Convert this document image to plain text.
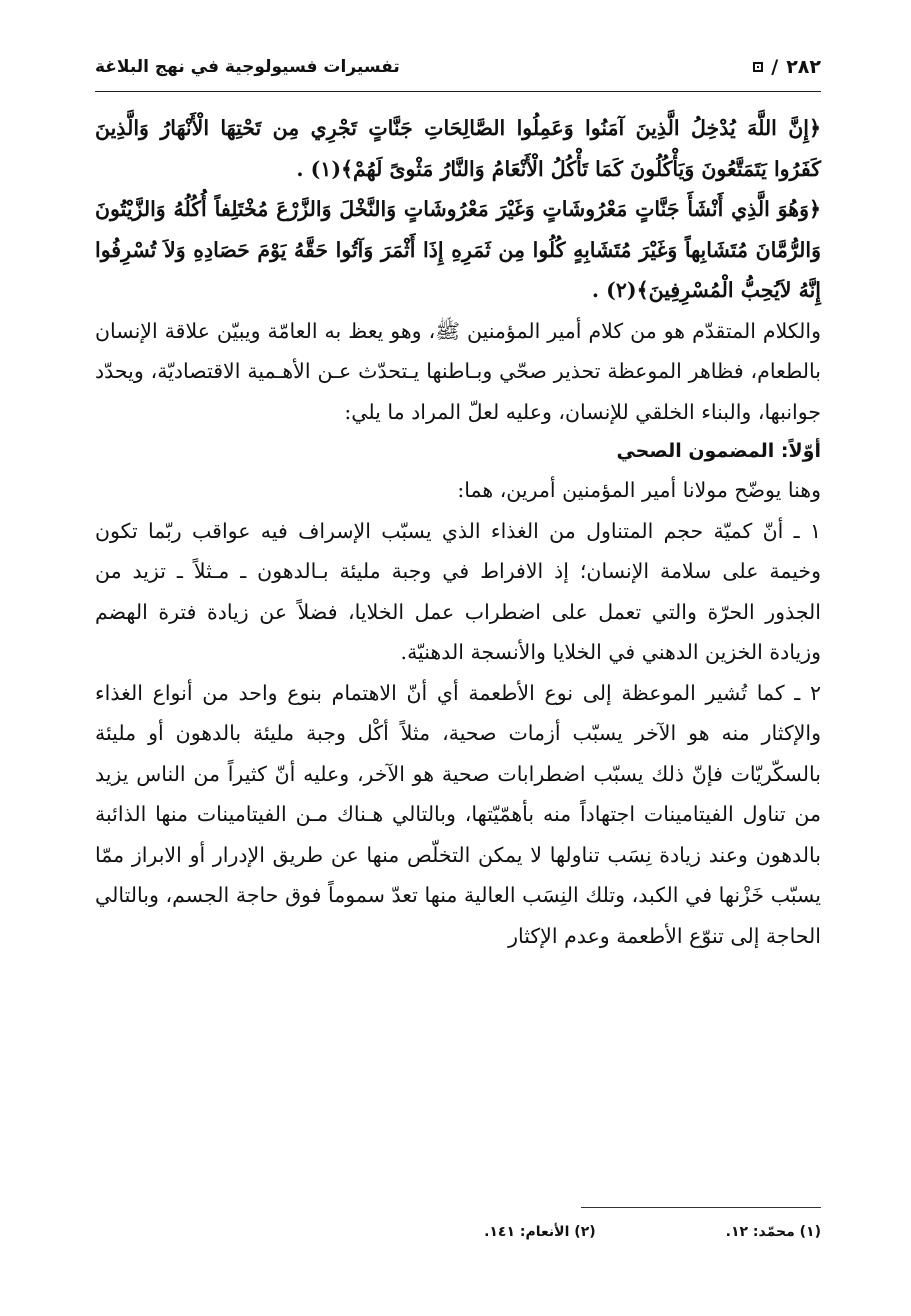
٢٨٢
/
تفسيرات فسيولوجية في نهج البلاغة

﴿إِنَّ اللَّهَ يُدْخِلُ الَّذِينَ آمَنُوا وَعَمِلُوا الصَّالِحَاتِ جَنَّاتٍ تَجْرِي مِن تَحْتِهَا الْأَنْهَارُ وَالَّذِينَ كَفَرُوا يَتَمَتَّعُونَ وَيَأْكُلُونَ كَمَا تَأْكُلُ الْأَنْعَامُ وَالنَّارُ مَثْوىً لَهُمْ﴾(١) .

﴿وَهُوَ الَّذِي أَنْشَأَ جَنَّاتٍ مَعْرُوشَاتٍ وَغَيْرَ مَعْرُوشَاتٍ وَالنَّخْلَ وَالزَّرْعَ مُخْتَلِفاً أُكُلُهُ وَالزَّيْتُونَ وَالرُّمَّانَ مُتَشَابِهاً وَغَيْرَ مُتَشَابِهٍ كُلُوا مِن ثَمَرِهِ إِذَا أَثْمَرَ وَآتُوا حَقَّهُ يَوْمَ حَصَادِهِ وَلاَ تُسْرِفُوا إِنَّهُ لاَيُحِبُّ الْمُسْرِفِينَ﴾(٢) .

والكلام المتقدّم هو من كلام أمير المؤمنين ﷺ، وهو يعظ به العامّة ويبيّن علاقة الإنسان بالطعام، فظاهر الموعظة تحذير صحّي وبـاطنها يـتحدّث عـن الأهـمية الاقتصاديّة، ويحدّد جوانبها، والبناء الخلقي للإنسان، وعليه لعلّ المراد ما يلي:

أوّلاً: المضمون الصحي

وهنا يوضّح مولانا أمير المؤمنين أمرين، هما:

١ ـ أنّ كميّة حجم المتناول من الغذاء الذي يسبّب الإسراف فيه عواقب ربّما تكون وخيمة على سلامة الإنسان؛ إذ الافراط في وجبة مليئة بـالدهون ـ مـثلاً ـ تزيد من الجذور الحرّة والتي تعمل على اضطراب عمل الخلايا، فضلاً عن زيادة فترة الهضم وزيادة الخزين الدهني في الخلايا والأنسجة الدهنيّة.

٢ ـ كما تُشير الموعظة إلى نوع الأطعمة أي أنّ الاهتمام بنوع واحد من أنواع الغذاء والإكثار منه هو الآخر يسبّب أزمات صحية، مثلاً أكْل وجبة مليئة بالدهون أو مليئة بالسكّريّات فإنّ ذلك يسبّب اضطرابات صحية هو الآخر، وعليه أنّ كثيراً من الناس يزيد من تناول الفيتامينات اجتهاداً منه بأهمّيّتها، وبالتالي هـناك مـن الفيتامينات منها الذائبة بالدهون وعند زيادة نِسَب تناولها لا يمكن التخلّص منها عن طريق الإدرار أو الابراز ممّا يسبّب خَزْنها في الكبد، وتلك النِسَب العالية منها تعدّ سموماً فوق حاجة الجسم، وبالتالي الحاجة إلى تنوّع الأطعمة وعدم الإكثار

(١) محمّد: ١٢.
(٢) الأنعام: ١٤١.
